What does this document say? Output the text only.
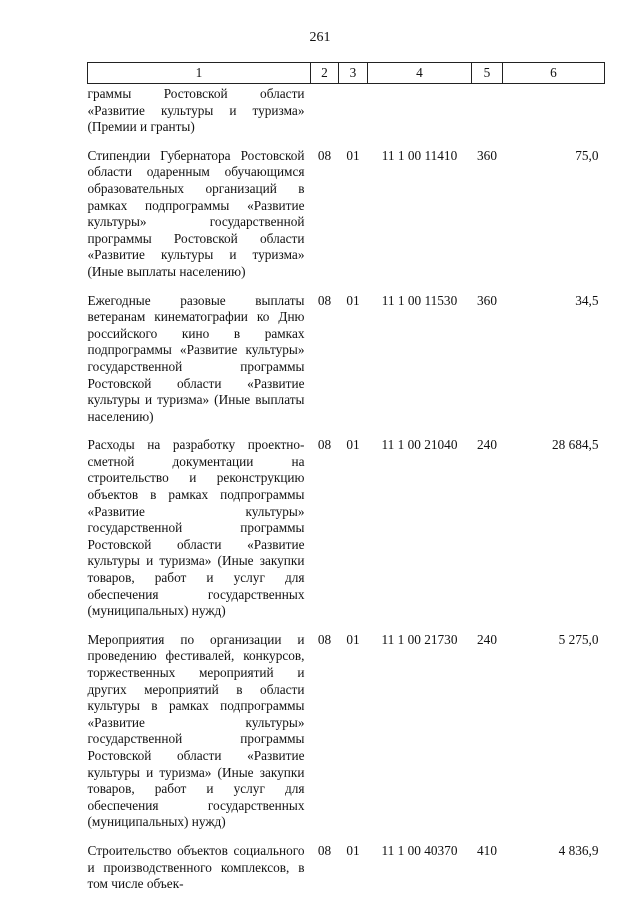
261
1	2	3	4	5	6
граммы Ростовской области «Развитие культуры и туризма» (Премии и гранты)					
Стипендии Губернатора Ростовской области одаренным обучающимся образовательных организаций в рамках подпрограммы «Развитие культуры» государственной программы Ростовской области «Развитие культуры и туризма» (Иные выплаты населению)	08	01	11 1 00 11410	360	75,0
Ежегодные разовые выплаты ветеранам кинематографии ко Дню российского кино в рамках подпрограммы «Развитие культуры» государственной программы Ростовской области «Развитие культуры и туризма» (Иные выплаты населению)	08	01	11 1 00 11530	360	34,5
Расходы на разработку проектно-сметной документации на строительство и реконструкцию объектов в рамках подпрограммы «Развитие культуры» государственной программы Ростовской области «Развитие культуры и туризма» (Иные закупки товаров, работ и услуг для обеспечения государственных (муниципальных) нужд)	08	01	11 1 00 21040	240	28 684,5
Мероприятия по организации и проведению фестивалей, конкурсов, торжественных мероприятий и других мероприятий в области культуры в рамках подпрограммы «Развитие культуры» государственной программы Ростовской области «Развитие культуры и туризма» (Иные закупки товаров, работ и услуг для обеспечения государственных (муниципальных) нужд)	08	01	11 1 00 21730	240	5 275,0
Строительство объектов социального и производственного комплексов, в том числе объек-	08	01	11 1 00 40370	410	4 836,9
